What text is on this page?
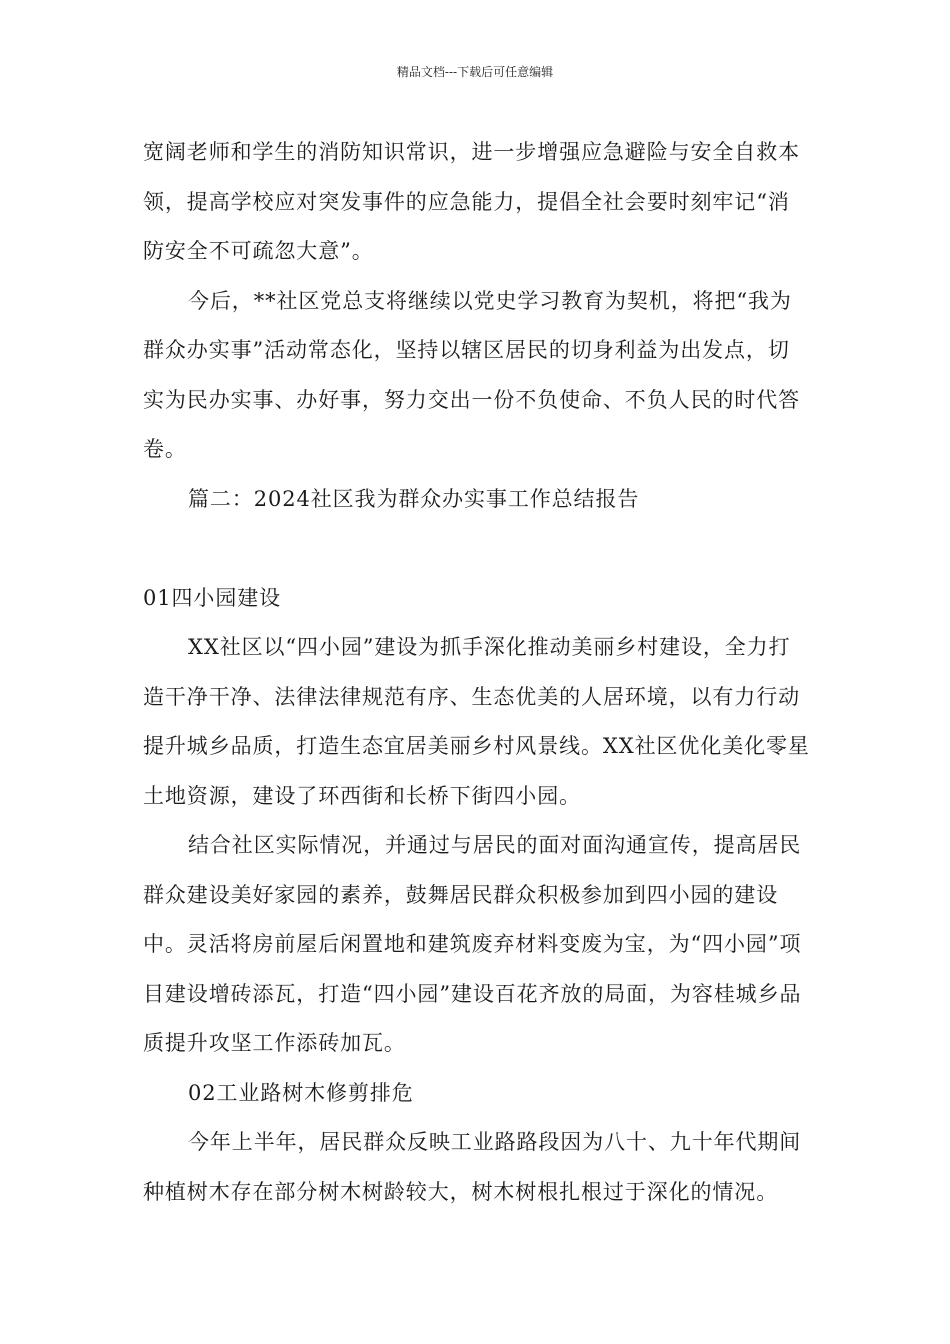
精品文档---下载后可任意编辑

宽阔老师和学生的消防知识常识，进一步增强应急避险与安全自救本领，提高学校应对突发事件的应急能力，提倡全社会要时刻牢记“消防安全不可疏忽大意”。

今后，**社区党总支将继续以党史学习教育为契机，将把“我为群众办实事”活动常态化，坚持以辖区居民的切身利益为出发点，切实为民办实事、办好事，努力交出一份不负使命、不负人民的时代答卷。

篇二：2024社区我为群众办实事工作总结报告

01四小园建设

XX社区以“四小园”建设为抓手深化推动美丽乡村建设，全力打造干净干净、法律法律规范有序、生态优美的人居环境，以有力行动提升城乡品质，打造生态宜居美丽乡村风景线。XX社区优化美化零星土地资源，建设了环西街和长桥下街四小园。

结合社区实际情况，并通过与居民的面对面沟通宣传，提高居民群众建设美好家园的素养，鼓舞居民群众积极参加到四小园的建设中。灵活将房前屋后闲置地和建筑废弃材料变废为宝，为“四小园”项目建设增砖添瓦，打造“四小园”建设百花齐放的局面，为容桂城乡品质提升攻坚工作添砖加瓦。

02工业路树木修剪排危

今年上半年，居民群众反映工业路路段因为八十、九十年代期间种植树木存在部分树木树龄较大，树木树根扎根过于深化的情况。
